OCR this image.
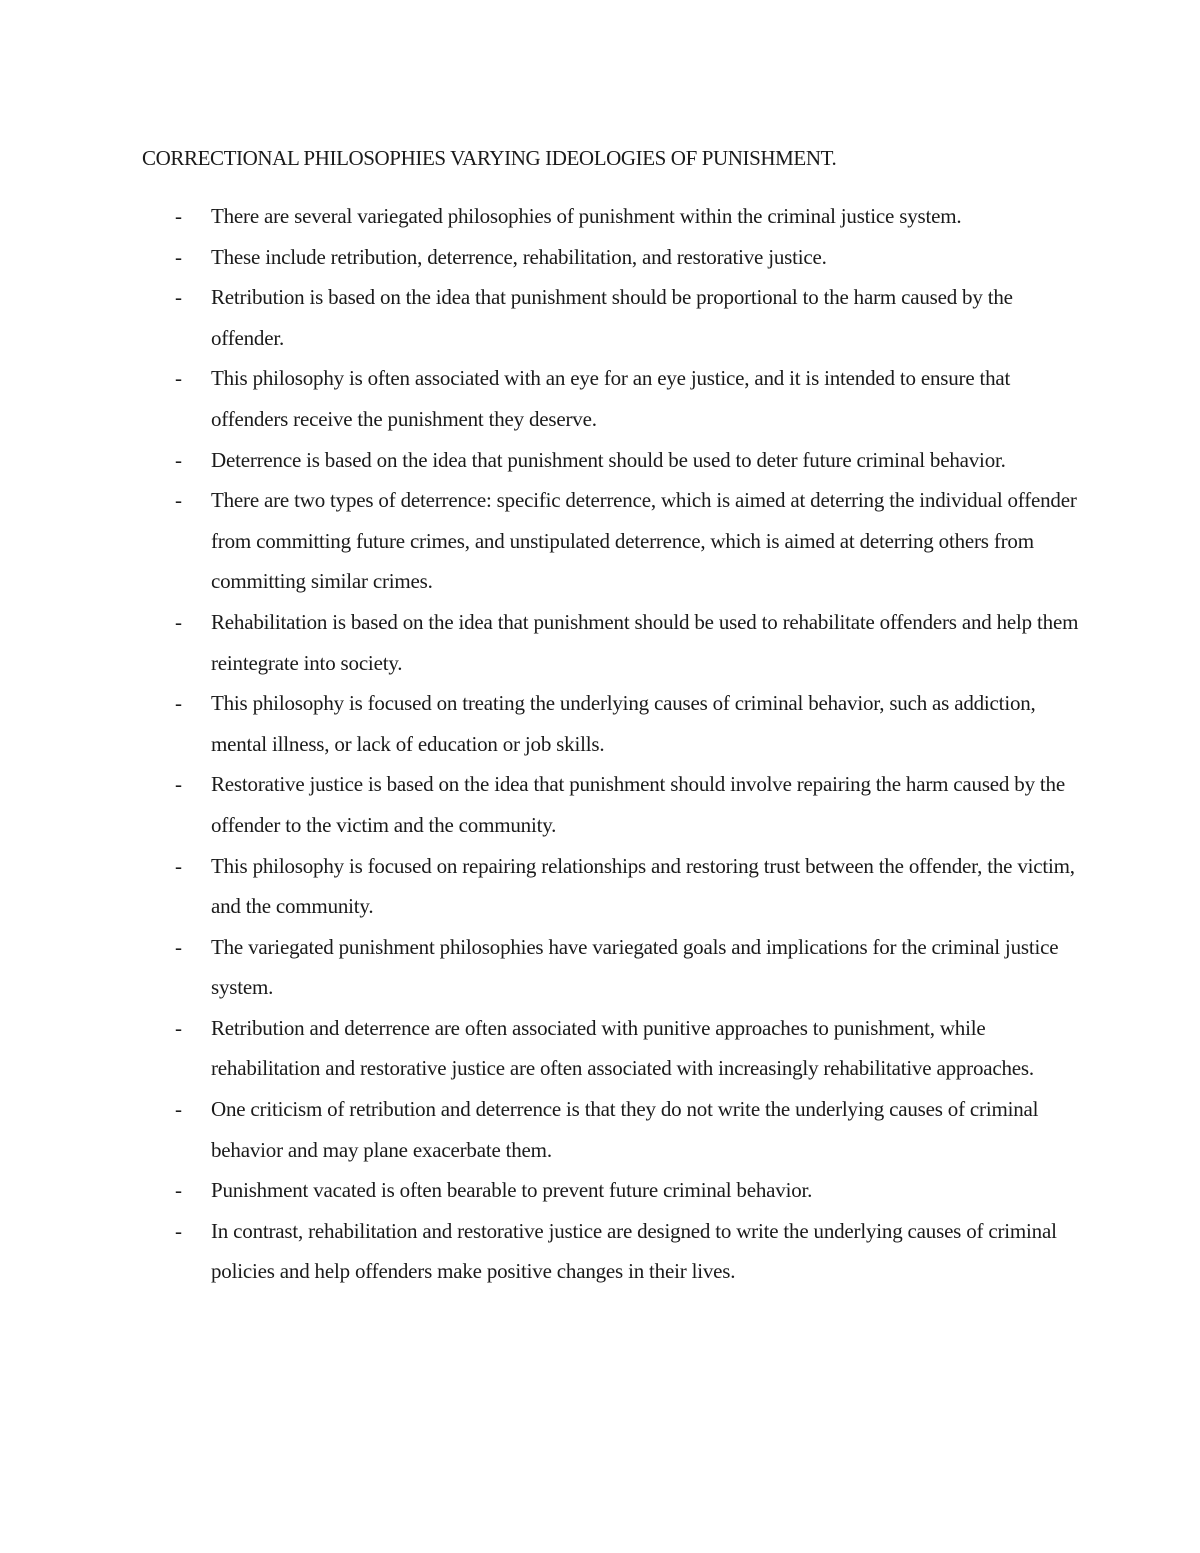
CORRECTIONAL PHILOSOPHIES VARYING IDEOLOGIES OF PUNISHMENT.
- There are several variegated philosophies of punishment within the criminal justice system.
- These include retribution, deterrence, rehabilitation, and restorative justice.
- Retribution is based on the idea that punishment should be proportional to the harm caused by the offender.
- This philosophy is often associated with an eye for an eye justice, and it is intended to ensure that offenders receive the punishment they deserve.
- Deterrence is based on the idea that punishment should be used to deter future criminal behavior.
- There are two types of deterrence: specific deterrence, which is aimed at deterring the individual offender from committing future crimes, and unstipulated deterrence, which is aimed at deterring others from committing similar crimes.
- Rehabilitation is based on the idea that punishment should be used to rehabilitate offenders and help them reintegrate into society.
- This philosophy is focused on treating the underlying causes of criminal behavior, such as addiction, mental illness, or lack of education or job skills.
- Restorative justice is based on the idea that punishment should involve repairing the harm caused by the offender to the victim and the community.
- This philosophy is focused on repairing relationships and restoring trust between the offender, the victim, and the community.
- The variegated punishment philosophies have variegated goals and implications for the criminal justice system.
- Retribution and deterrence are often associated with punitive approaches to punishment, while rehabilitation and restorative justice are often associated with increasingly rehabilitative approaches.
- One criticism of retribution and deterrence is that they do not write the underlying causes of criminal behavior and may plane exacerbate them.
- Punishment vacated is often bearable to prevent future criminal behavior.
- In contrast, rehabilitation and restorative justice are designed to write the underlying causes of criminal policies and help offenders make positive changes in their lives.
